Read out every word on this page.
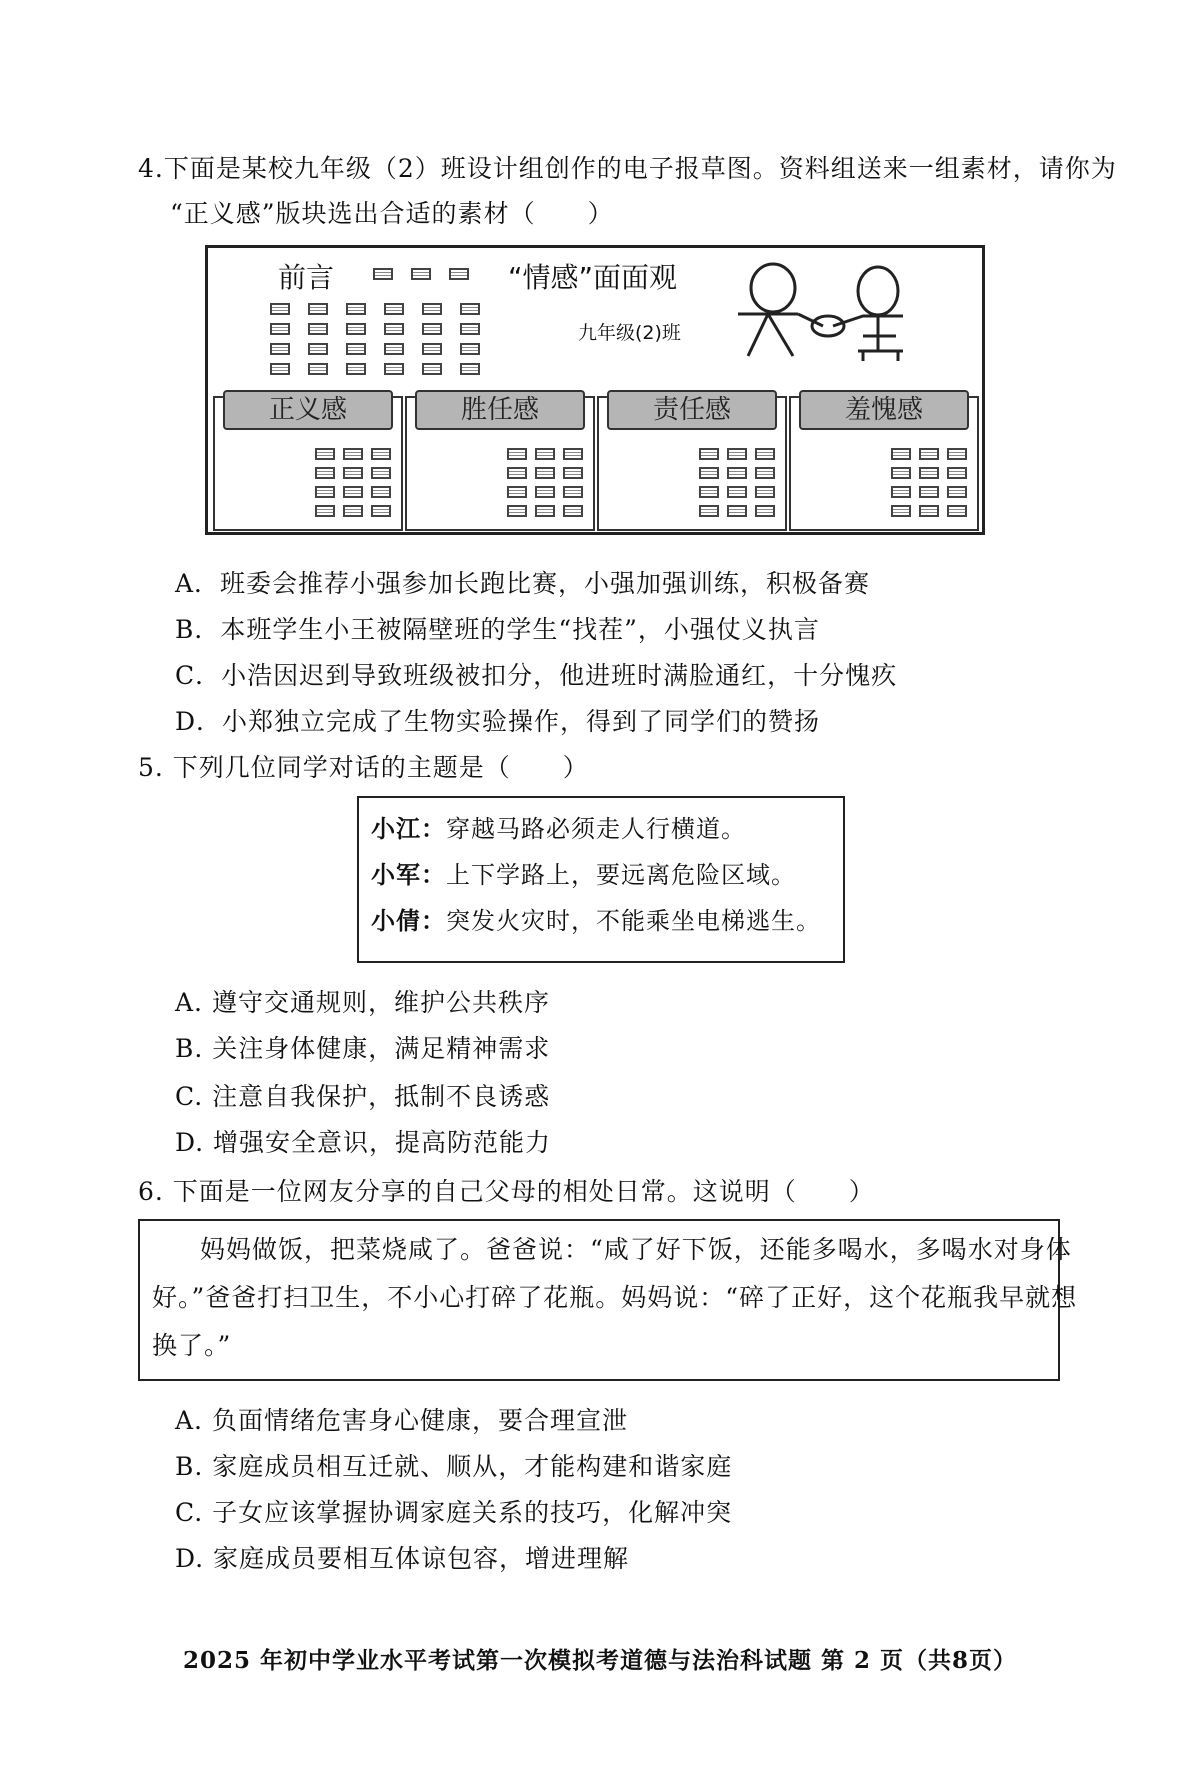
4.下面是某校九年级（2）班设计组创作的电子报草图。资料组送来一组素材，请你为
“正义感”版块选出合适的素材（　　）
前言	“情感”面面观
九年级(2)班
正义感	胜任感	责任感	羞愧感
A．班委会推荐小强参加长跑比赛，小强加强训练，积极备赛
B．本班学生小王被隔壁班的学生“找茬”，小强仗义执言
C．小浩因迟到导致班级被扣分，他进班时满脸通红，十分愧疚
D．小郑独立完成了生物实验操作，得到了同学们的赞扬
5. 下列几位同学对话的主题是（　　）
小江：穿越马路必须走人行横道。
小军：上下学路上，要远离危险区域。
小倩：突发火灾时，不能乘坐电梯逃生。
A. 遵守交通规则，维护公共秩序
B. 关注身体健康，满足精神需求
C. 注意自我保护，抵制不良诱惑
D. 增强安全意识，提高防范能力
6. 下面是一位网友分享的自己父母的相处日常。这说明（　　）
妈妈做饭，把菜烧咸了。爸爸说：“咸了好下饭，还能多喝水，多喝水对身体
好。”爸爸打扫卫生，不小心打碎了花瓶。妈妈说：“碎了正好，这个花瓶我早就想
换了。”
A. 负面情绪危害身心健康，要合理宣泄
B. 家庭成员相互迁就、顺从，才能构建和谐家庭
C. 子女应该掌握协调家庭关系的技巧，化解冲突
D. 家庭成员要相互体谅包容，增进理解
2025 年初中学业水平考试第一次模拟考道德与法治科试题 第 2 页（共8页）
